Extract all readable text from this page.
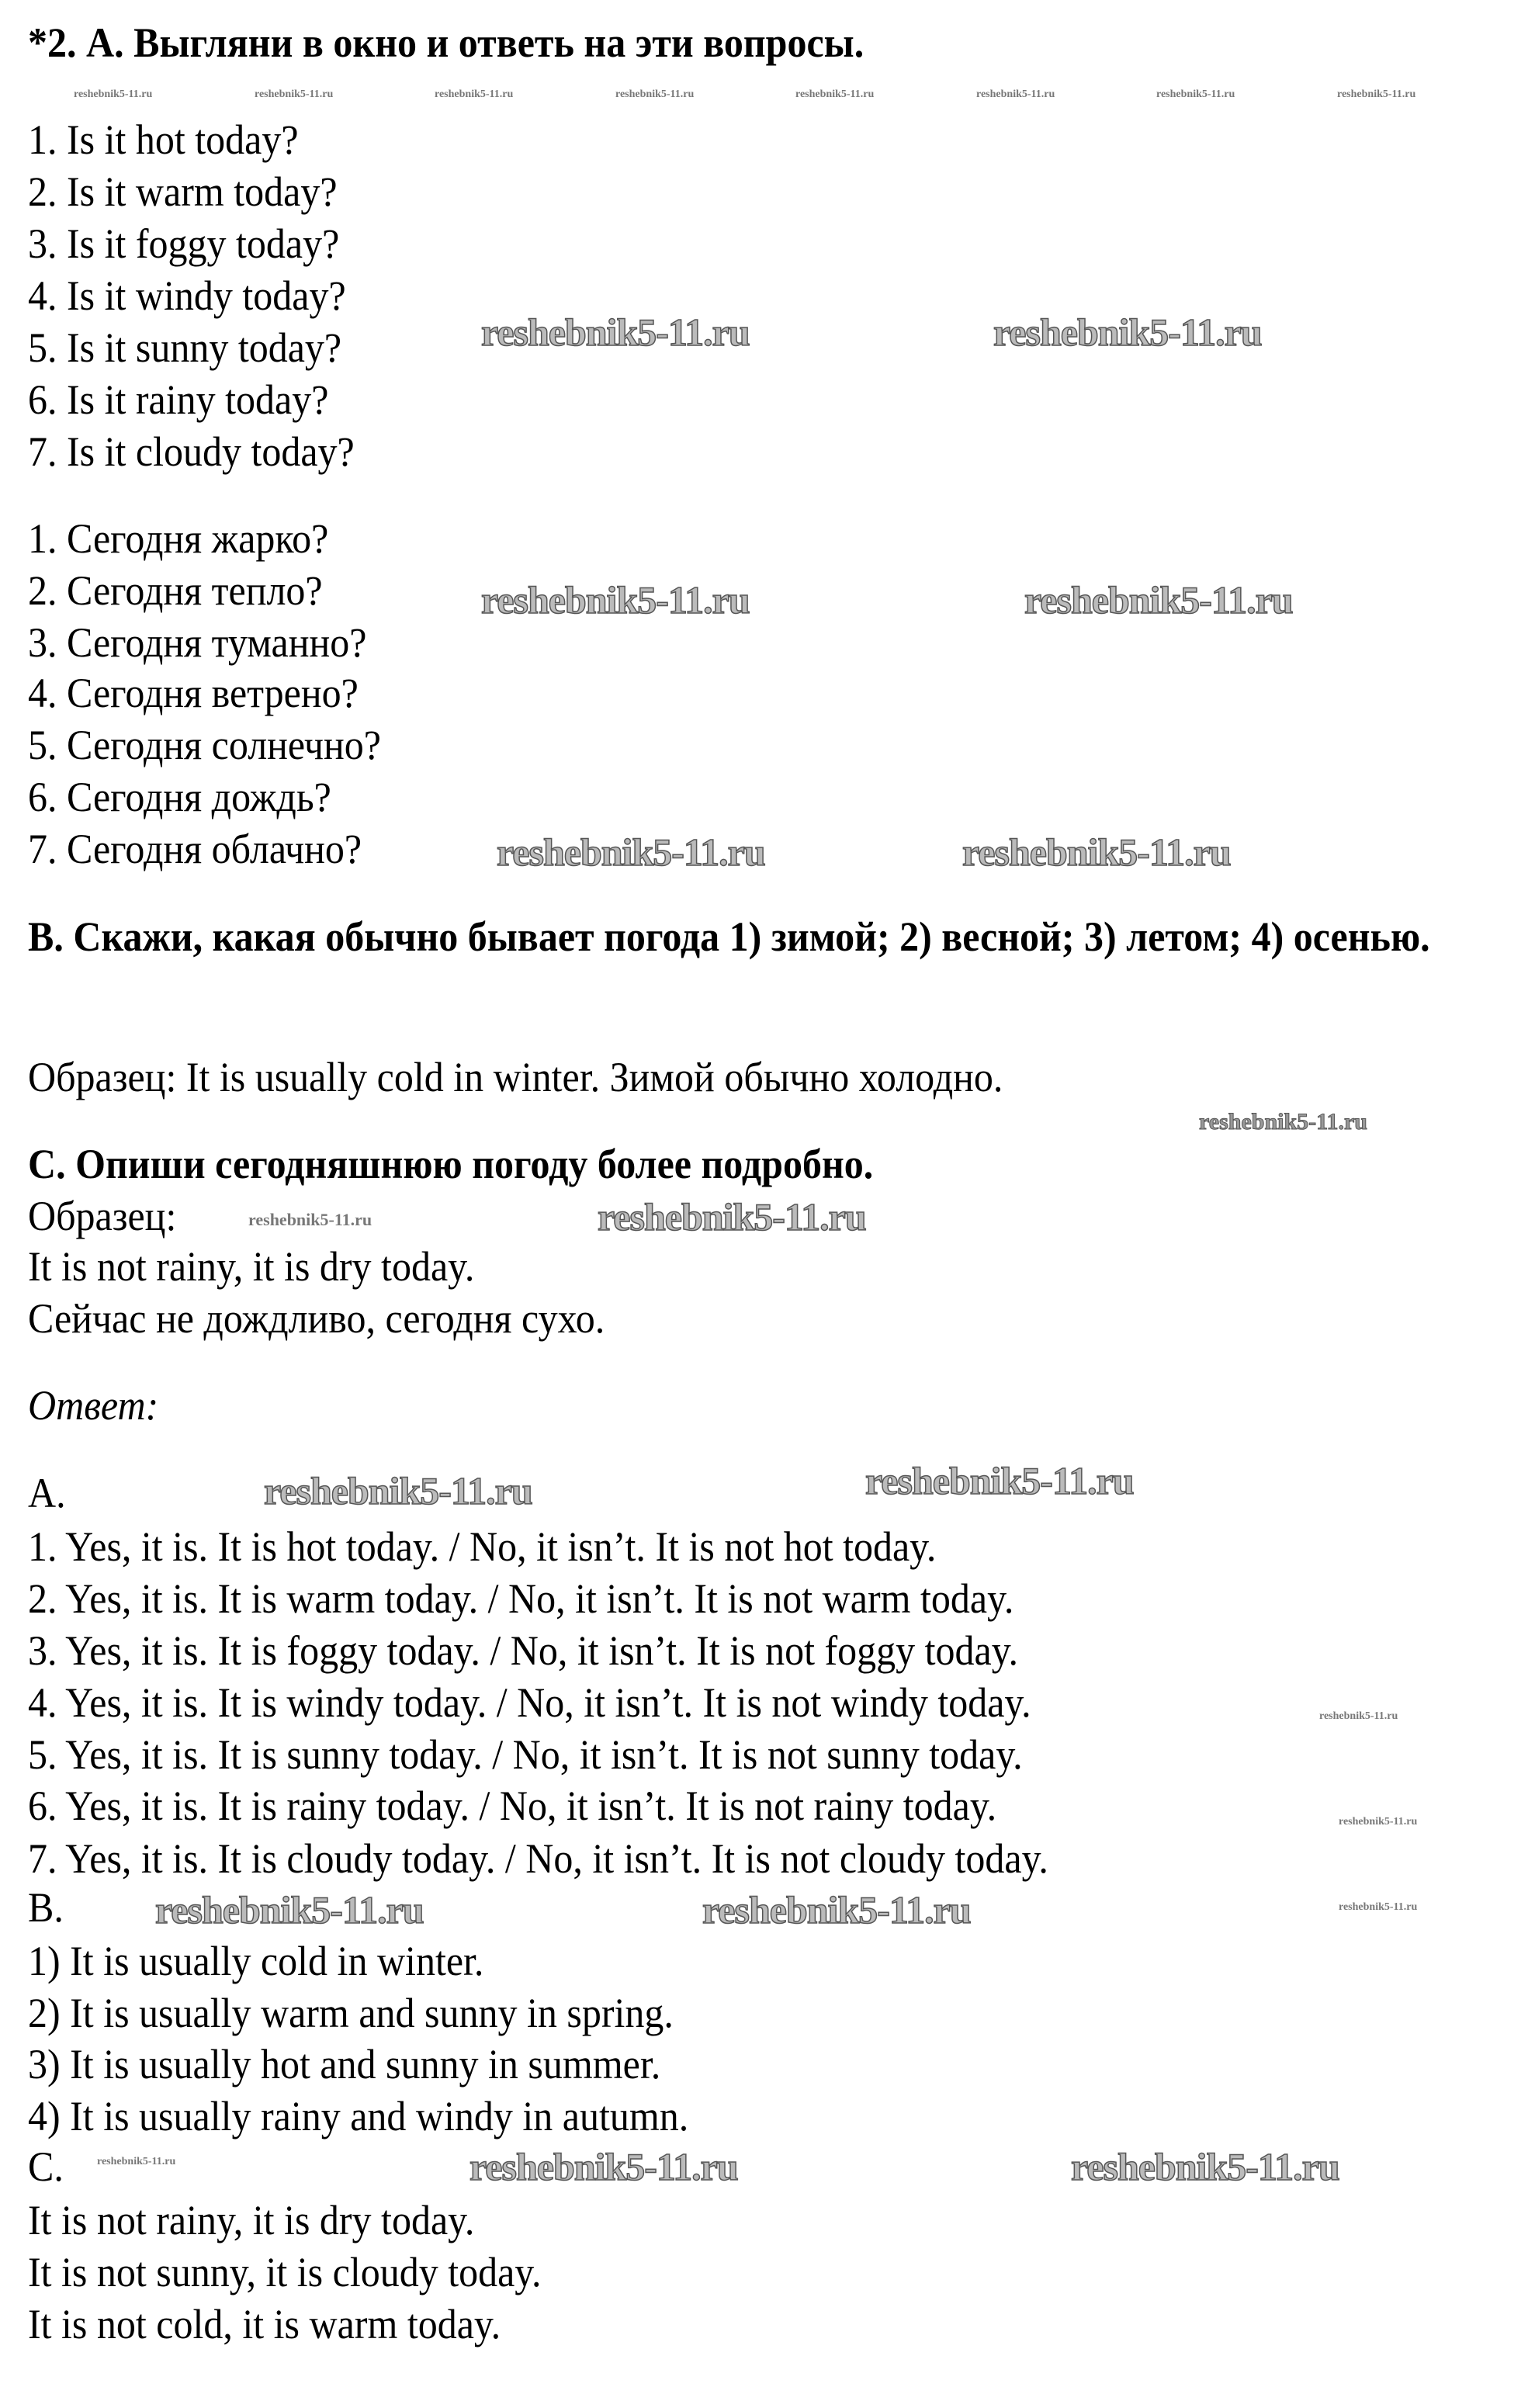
*2. А. Выгляни в окно и ответь на эти вопросы.
1. Is it hot today?
2. Is it warm today?
3. Is it foggy today?
4. Is it windy today?
5. Is it sunny today?
6. Is it rainy today?
7. Is it cloudy today?
1. Сегодня жарко?
2. Сегодня тепло?
3. Сегодня туманно?
4. Сегодня ветрено?
5. Сегодня солнечно?
6. Сегодня дождь?
7. Сегодня облачно?
B. Скажи, какая обычно бывает погода 1) зимой; 2) весной; 3) летом; 4) осенью.
Образец: It is usually cold in winter. Зимой обычно холодно.
С. Опиши сегодняшнюю погоду более подробно.
Образец:
It is not rainy, it is dry today.
Сейчас не дождливо, сегодня сухо.
Ответ:
А.
1. Yes, it is. It is hot today. / No, it isn’t. It is not hot today.
2. Yes, it is. It is warm today. / No, it isn’t. It is not warm today.
3. Yes, it is. It is foggy today. / No, it isn’t. It is not foggy today.
4. Yes, it is. It is windy today. / No, it isn’t. It is not windy today.
5. Yes, it is. It is sunny today. / No, it isn’t. It is not sunny today.
6. Yes, it is. It is rainy today. / No, it isn’t. It is not rainy today.
7. Yes, it is. It is cloudy today. / No, it isn’t. It is not cloudy today.
B.
1) It is usually cold in winter.
2) It is usually warm and sunny in spring.
3) It is usually hot and sunny in summer.
4) It is usually rainy and windy in autumn.
C.
It is not rainy, it is dry today.
It is not sunny, it is cloudy today.
It is not cold, it is warm today.
reshebnik5-11.ru	reshebnik5-11.ru	reshebnik5-11.ru	reshebnik5-11.ru	reshebnik5-11.ru	reshebnik5-11.ru	reshebnik5-11.ru	reshebnik5-11.ru
reshebnik5-11.ru	reshebnik5-11.ru
reshebnik5-11.ru	reshebnik5-11.ru
reshebnik5-11.ru	reshebnik5-11.ru
reshebnik5-11.ru
reshebnik5-11.ru
reshebnik5-11.ru
reshebnik5-11.ru	reshebnik5-11.ru
reshebnik5-11.ru
reshebnik5-11.ru
reshebnik5-11.ru
reshebnik5-11.ru	reshebnik5-11.ru
reshebnik5-11.ru	reshebnik5-11.ru	reshebnik5-11.ru
